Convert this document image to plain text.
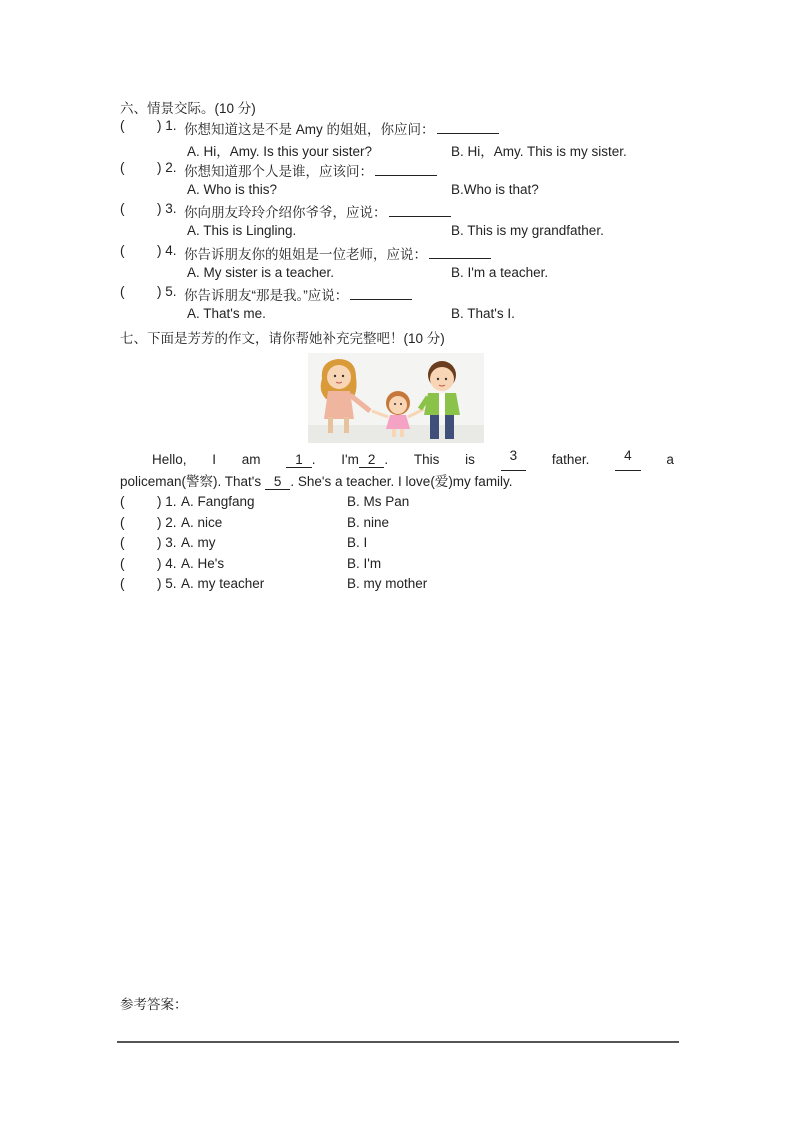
六、情景交际。(10 分)
( ) 1. 你想知道这是不是 Amy 的姐姐，你应问：
A. Hi，Amy. Is this your sister?	B. Hi，Amy. This is my sister.
( ) 2. 你想知道那个人是谁，应该问：
A. Who is this?	B.Who is that?
( ) 3. 你向朋友玲玲介绍你爷爷，应说：
A. This is Lingling.	B. This is my grandfather.
( ) 4. 你告诉朋友你的姐姐是一位老师，应说：
A. My sister is a teacher.	B. I'm a teacher.
( ) 5. 你告诉朋友“那是我。”应说：
A. That's me.	B. That's I.
七、下面是芳芳的作文，请你帮她补充完整吧！(10 分)
Hello, I am	1 . I'm 2 . This is	3	father.	4	a
policeman(警察). That's 5 . She's a teacher. I love(爱)my family.
( ) 1. A. Fangfang	B. Ms Pan
( ) 2. A. nice	B. nine
( ) 3. A. my	B. I
( ) 4. A. He's	B. I'm
( ) 5. A. my teacher	B. my mother
参考答案：
